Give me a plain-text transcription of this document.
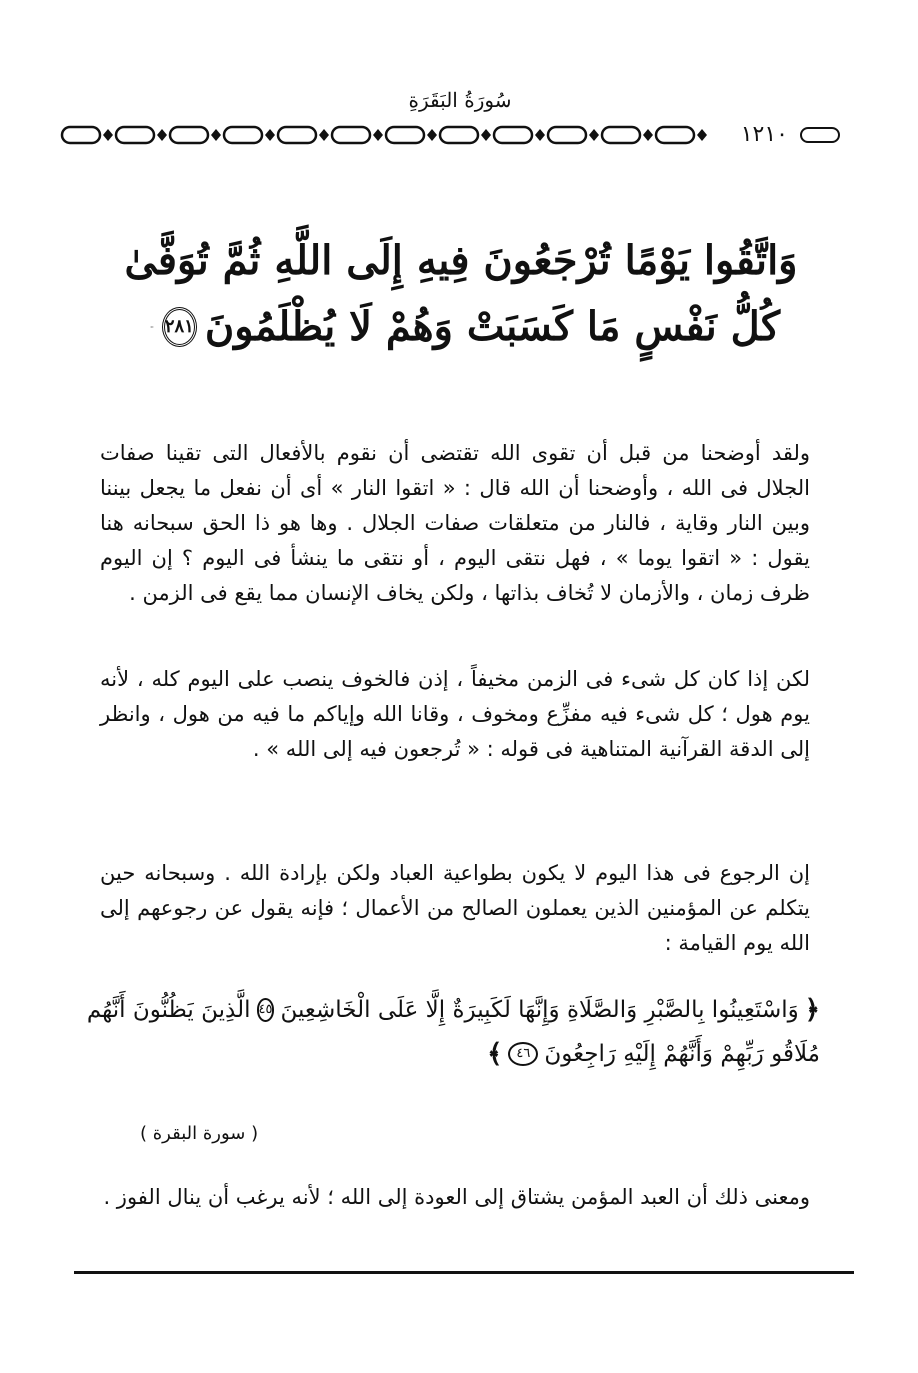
سُورَةُ البَقَرَةِ
١٢١٠
وَاتَّقُوا يَوْمًا تُرْجَعُونَ فِيهِ إِلَى اللَّهِ ثُمَّ تُوَفَّىٰ
كُلُّ نَفْسٍ مَا كَسَبَتْ وَهُمْ لَا يُظْلَمُونَ
٢٨١
ولقد أوضحنا من قبل أن تقوى الله تقتضى أن نقوم بالأفعال التى تقينا صفات الجلال فى الله ، وأوضحنا أن الله قال : « اتقوا النار » أى أن نفعل ما يجعل بيننا وبين النار وقاية ، فالنار من متعلقات صفات الجلال . وها هو ذا الحق سبحانه هنا يقول : « اتقوا يوما » ، فهل نتقى اليوم ، أو نتقى ما ينشأ فى اليوم ؟ إن اليوم ظرف زمان ، والأزمان لا تُخاف بذاتها ، ولكن يخاف الإنسان مما يقع فى الزمن .
لكن إذا كان كل شىء فى الزمن مخيفاً ، إذن فالخوف ينصب على اليوم كله ، لأنه يوم هول ؛ كل شىء فيه مفزِّع ومخوف ، وقانا الله وإياكم ما فيه من هول ، وانظر إلى الدقة القرآنية المتناهية فى قوله : « تُرجعون فيه إلى الله » .
إن الرجوع فى هذا اليوم لا يكون بطواعية العباد ولكن بإرادة الله . وسبحانه حين يتكلم عن المؤمنين الذين يعملون الصالح من الأعمال ؛ فإنه يقول عن رجوعهم إلى الله يوم القيامة :
﴿
وَاسْتَعِينُوا بِالصَّبْرِ وَالصَّلَاةِ وَإِنَّهَا لَكَبِيرَةٌ إِلَّا عَلَى الْخَاشِعِينَ
٤٥
الَّذِينَ يَظُنُّونَ أَنَّهُم
مُلَاقُو رَبِّهِمْ وَأَنَّهُمْ إِلَيْهِ رَاجِعُونَ
٤٦
﴾
( سورة البقرة )
ومعنى ذلك أن العبد المؤمن يشتاق إلى العودة إلى الله ؛ لأنه يرغب أن ينال الفوز .
